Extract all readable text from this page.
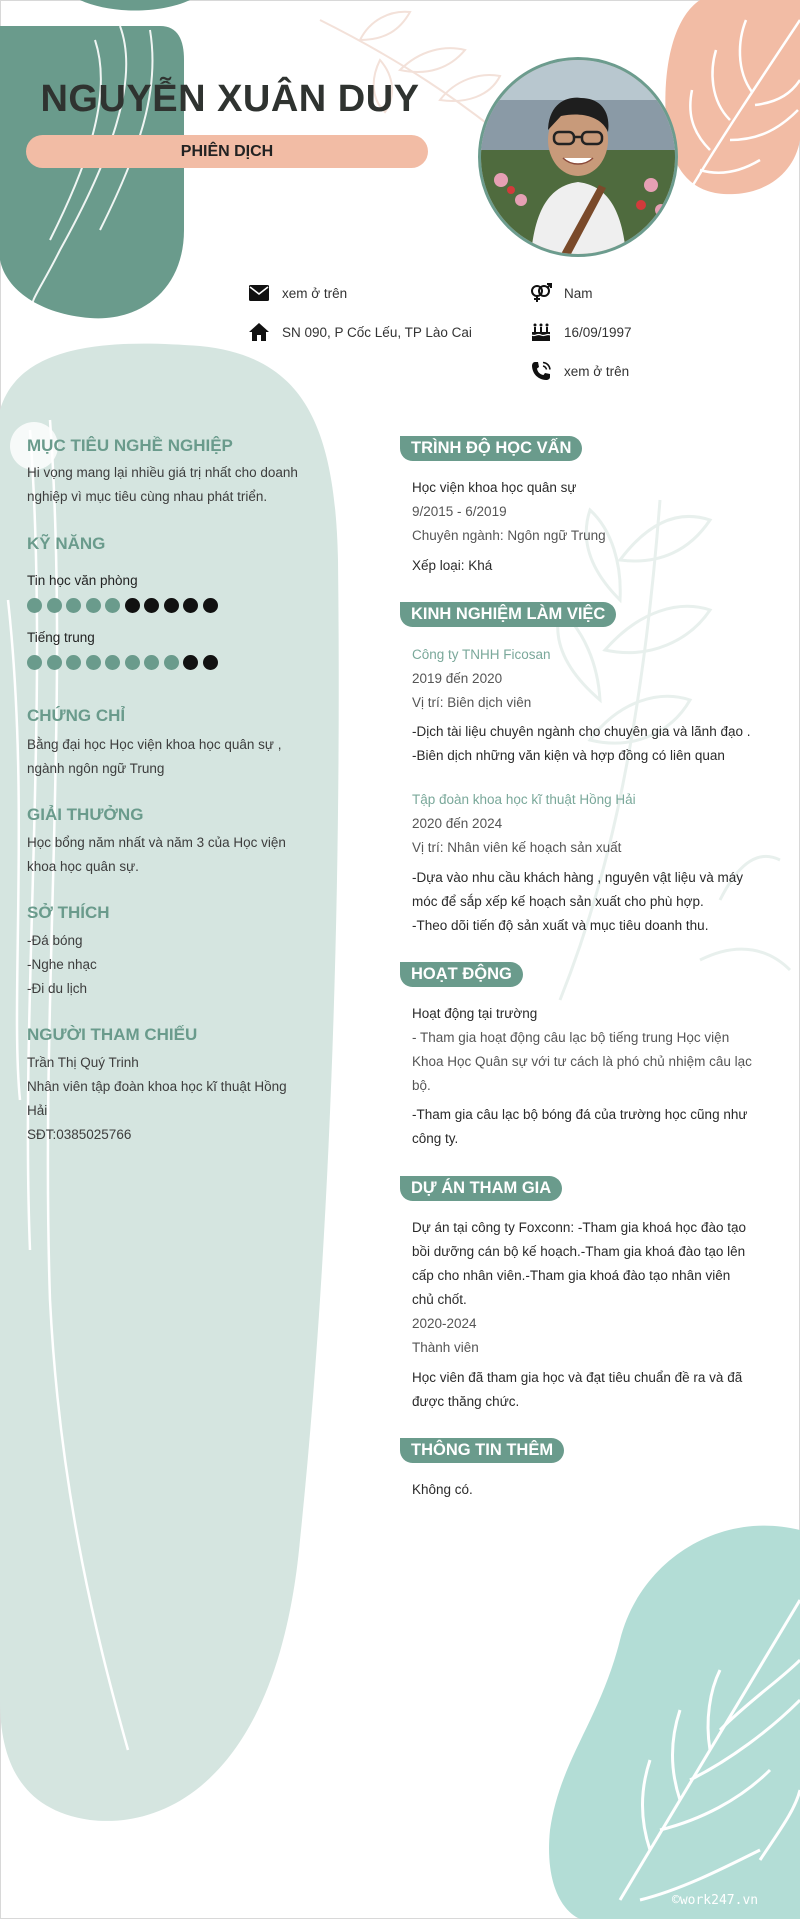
NGUYỄN XUÂN DUY
PHIÊN DỊCH
xem ở trên
SN 090, P Cốc Lếu, TP Lào Cai
Nam
16/09/1997
xem ở trên
MỤC TIÊU NGHỀ NGHIỆP
Hi vọng mang lại nhiều giá trị nhất cho doanh
nghiệp vì mục tiêu cùng nhau phát triển.
KỸ NĂNG
Tin học văn phòng
Tiếng trung
CHỨNG CHỈ
Bằng đại học Học viện khoa học quân sự ,
ngành ngôn ngữ Trung
GIẢI THƯỞNG
Học bổng năm nhất và năm 3 của Học viện
khoa học quân sự.
SỞ THÍCH
-Đá bóng
-Nghe nhạc
-Đi du lịch
NGƯỜI THAM CHIẾU
Trần Thị Quý Trinh
Nhân viên tập đoàn khoa học kĩ thuật Hồng
Hải
SĐT:0385025766
TRÌNH ĐỘ HỌC VẤN
Học viện khoa học quân sự
9/2015 - 6/2019
Chuyên ngành: Ngôn ngữ Trung
Xếp loại: Khá
KINH NGHIỆM LÀM VIỆC
Công ty TNHH Ficosan
2019 đến 2020
Vị trí: Biên dịch viên
-Dịch tài liệu chuyên ngành cho chuyên gia và lãnh đạo .
-Biên dịch những văn kiện và hợp đồng có liên quan
Tập đoàn khoa học kĩ thuật Hồng Hải
2020 đến 2024
Vị trí: Nhân viên kế hoạch sản xuất
-Dựa vào nhu cầu khách hàng , nguyên vật liệu và máy
móc để sắp xếp kế hoạch sản xuất cho phù hợp.
-Theo dõi tiến độ sản xuất và mục tiêu doanh thu.
HOẠT ĐỘNG
Hoạt động tại trường
- Tham gia hoạt động câu lạc bộ tiếng trung Học viện
Khoa Học Quân sự với tư cách là phó chủ nhiệm câu lạc
bộ.
-Tham gia câu lạc bộ bóng đá của trường học cũng như
công ty.
DỰ ÁN THAM GIA
Dự án tại công ty Foxconn: -Tham gia khoá học đào tạo
bồi dưỡng cán bộ kế hoạch.-Tham gia khoá đào tạo lên
cấp cho nhân viên.-Tham gia khoá đào tạo nhân viên
chủ chốt.
2020-2024
Thành viên
Học viên đã tham gia học và đạt tiêu chuẩn đề ra và đã
được thăng chức.
THÔNG TIN THÊM
Không có.
©work247.vn
